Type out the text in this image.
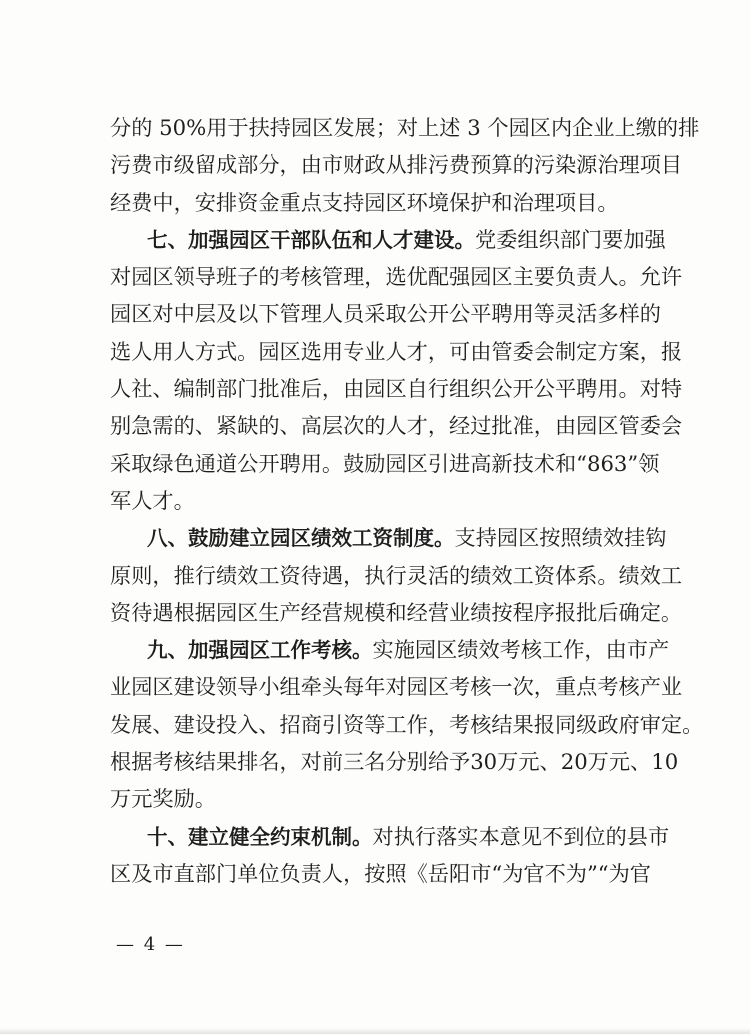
分的 50%用于扶持园区发展；对上述 3 个园区内企业上缴的排
污费市级留成部分，由市财政从排污费预算的污染源治理项目
经费中，安排资金重点支持园区环境保护和治理项目。
七、加强园区干部队伍和人才建设。党委组织部门要加强
对园区领导班子的考核管理，选优配强园区主要负责人。允许
园区对中层及以下管理人员采取公开公平聘用等灵活多样的
选人用人方式。园区选用专业人才，可由管委会制定方案，报
人社、编制部门批准后，由园区自行组织公开公平聘用。对特
别急需的、紧缺的、高层次的人才，经过批准，由园区管委会
采取绿色通道公开聘用。鼓励园区引进高新技术和“863”领
军人才。
八、鼓励建立园区绩效工资制度。支持园区按照绩效挂钩
原则，推行绩效工资待遇，执行灵活的绩效工资体系。绩效工
资待遇根据园区生产经营规模和经营业绩按程序报批后确定。
九、加强园区工作考核。实施园区绩效考核工作，由市产
业园区建设领导小组牵头每年对园区考核一次，重点考核产业
发展、建设投入、招商引资等工作，考核结果报同级政府审定。
根据考核结果排名，对前三名分别给予30万元、20万元、10
万元奖励。
十、建立健全约束机制。对执行落实本意见不到位的县市
区及市直部门单位负责人，按照《岳阳市“为官不为”“为官
— 4 —
